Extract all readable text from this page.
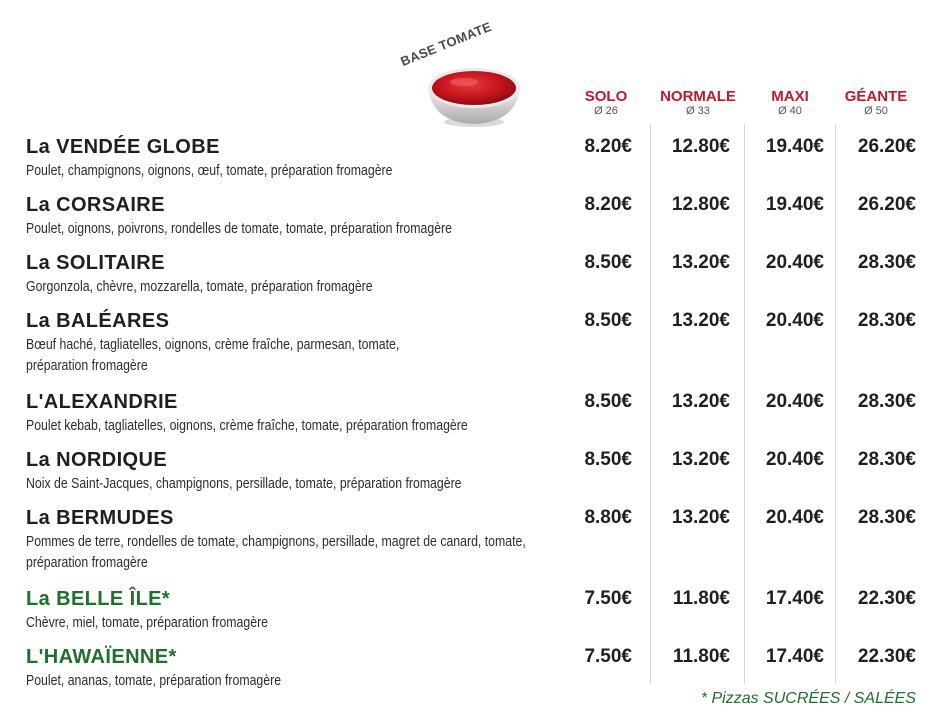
BASE TOMATE
SOLO
Ø 26
NORMALE
Ø 33
MAXI
Ø 40
GÉANTE
Ø 50
La VENDÉE GLOBE
Poulet, champignons, oignons, œuf, tomate, préparation fromagère
8.20€	12.80€	19.40€	26.20€
La CORSAIRE
Poulet, oignons, poivrons, rondelles de tomate, tomate, préparation fromagère
8.20€	12.80€	19.40€	26.20€
La SOLITAIRE
Gorgonzola, chèvre, mozzarella, tomate, préparation fromagère
8.50€	13.20€	20.40€	28.30€
La BALÉARES
Bœuf haché, tagliatelles, oignons, crème fraîche, parmesan, tomate, préparation fromagère
8.50€	13.20€	20.40€	28.30€
L'ALEXANDRIE
Poulet kebab, tagliatelles, oignons, crème fraîche, tomate, préparation fromagère
8.50€	13.20€	20.40€	28.30€
La NORDIQUE
Noix de Saint-Jacques, champignons, persillade, tomate, préparation fromagère
8.50€	13.20€	20.40€	28.30€
La BERMUDES
Pommes de terre, rondelles de tomate, champignons, persillade, magret de canard, tomate, préparation fromagère
8.80€	13.20€	20.40€	28.30€
La BELLE ÎLE*
Chèvre, miel, tomate, préparation fromagère
7.50€	11.80€	17.40€	22.30€
L'HAWAÏENNE*
Poulet, ananas, tomate, préparation fromagère
7.50€	11.80€	17.40€	22.30€
* Pizzas SUCRÉES / SALÉES
